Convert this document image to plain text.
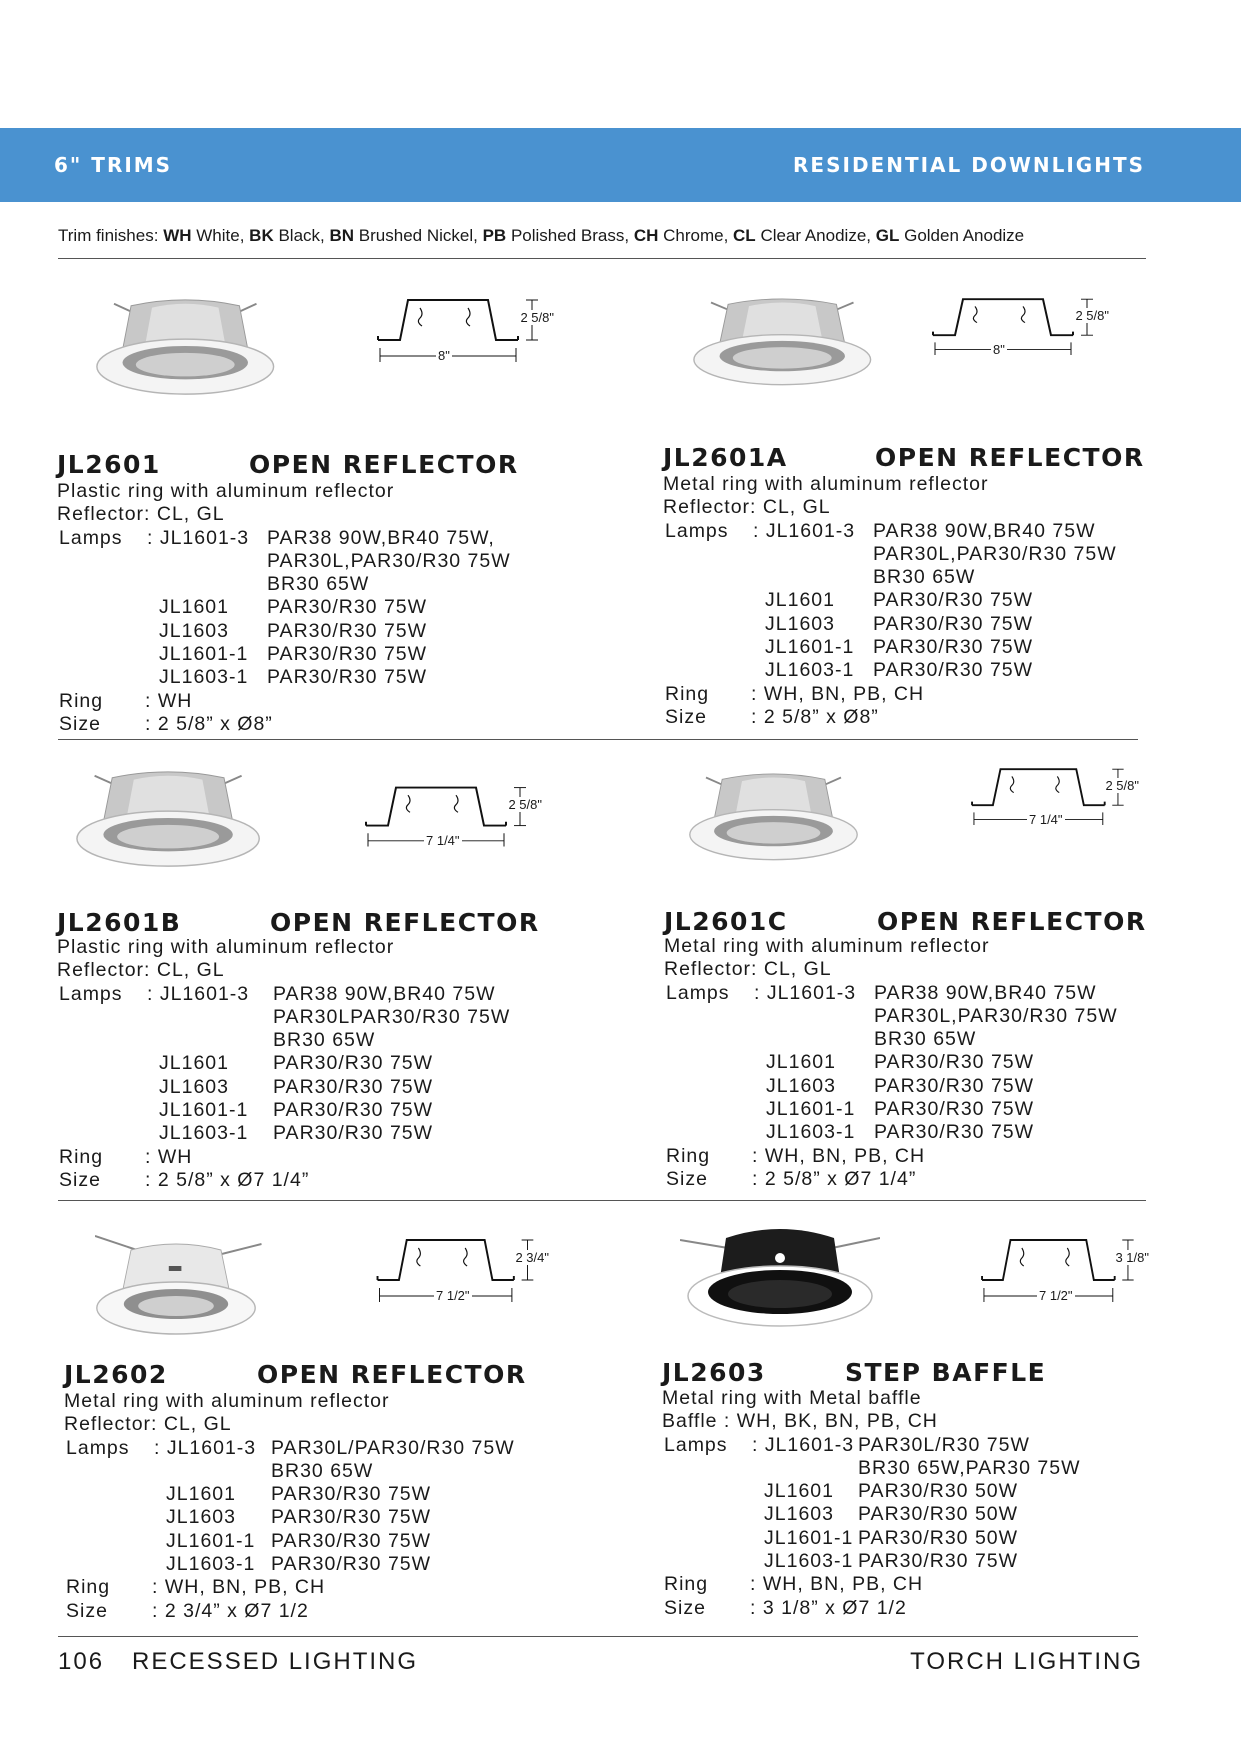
6" TRIMS	RESIDENTIAL DOWNLIGHTS
Trim finishes: WH White, BK Black, BN Brushed Nickel, PB Polished Brass, CH Chrome, CL Clear Anodize, GL Golden Anodize
2 5/8"
8"
JL2601	OPEN REFLECTOR
Plastic ring with aluminum reflector
Reflector: CL, GL
Lamps : JL1601-3 PAR38 90W,BR40 75W,
PAR30L,PAR30/R30 75W
BR30 65W
JL1601 PAR30/R30 75W
JL1603 PAR30/R30 75W
JL1601-1 PAR30/R30 75W
JL1603-1 PAR30/R30 75W
Ring : WH
Size : 2 5/8” x Ø8”
2 5/8"
8"
JL2601A	OPEN REFLECTOR
Metal ring with aluminum reflector
Reflector: CL, GL
Lamps : JL1601-3 PAR38 90W,BR40 75W
PAR30L,PAR30/R30 75W
BR30 65W
JL1601 PAR30/R30 75W
JL1603 PAR30/R30 75W
JL1601-1 PAR30/R30 75W
JL1603-1 PAR30/R30 75W
Ring : WH, BN, PB, CH
Size : 2 5/8” x Ø8”
2 5/8"
7 1/4"
JL2601B	OPEN REFLECTOR
Plastic ring with aluminum reflector
Reflector: CL, GL
Lamps : JL1601-3 PAR38 90W,BR40 75W
PAR30LPAR30/R30 75W
BR30 65W
JL1601 PAR30/R30 75W
JL1603 PAR30/R30 75W
JL1601-1 PAR30/R30 75W
JL1603-1 PAR30/R30 75W
Ring : WH
Size : 2 5/8” x Ø7 1/4”
2 5/8"
7 1/4"
JL2601C	OPEN REFLECTOR
Metal ring with aluminum reflector
Reflector: CL, GL
Lamps : JL1601-3 PAR38 90W,BR40 75W
PAR30L,PAR30/R30 75W
BR30 65W
JL1601 PAR30/R30 75W
JL1603 PAR30/R30 75W
JL1601-1 PAR30/R30 75W
JL1603-1 PAR30/R30 75W
Ring : WH, BN, PB, CH
Size : 2 5/8” x Ø7 1/4”
2 3/4"
7 1/2"
JL2602	OPEN REFLECTOR
Metal ring with aluminum reflector
Reflector: CL, GL
Lamps : JL1601-3 PAR30L/PAR30/R30 75W
BR30 65W
JL1601 PAR30/R30 75W
JL1603 PAR30/R30 75W
JL1601-1 PAR30/R30 75W
JL1603-1 PAR30/R30 75W
Ring : WH, BN, PB, CH
Size : 2 3/4” x Ø7 1/2
3 1/8"
7 1/2"
JL2603	STEP BAFFLE
Metal ring with Metal baffle
Baffle : WH, BK, BN, PB, CH
Lamps : JL1601-3 PAR30L/R30 75W
BR30 65W,PAR30 75W
JL1601 PAR30/R30 50W
JL1603 PAR30/R30 50W
JL1601-1 PAR30/R30 50W
JL1603-1 PAR30/R30 75W
Ring : WH, BN, PB, CH
Size : 3 1/8” x Ø7 1/2
106 RECESSED LIGHTING	TORCH LIGHTING
